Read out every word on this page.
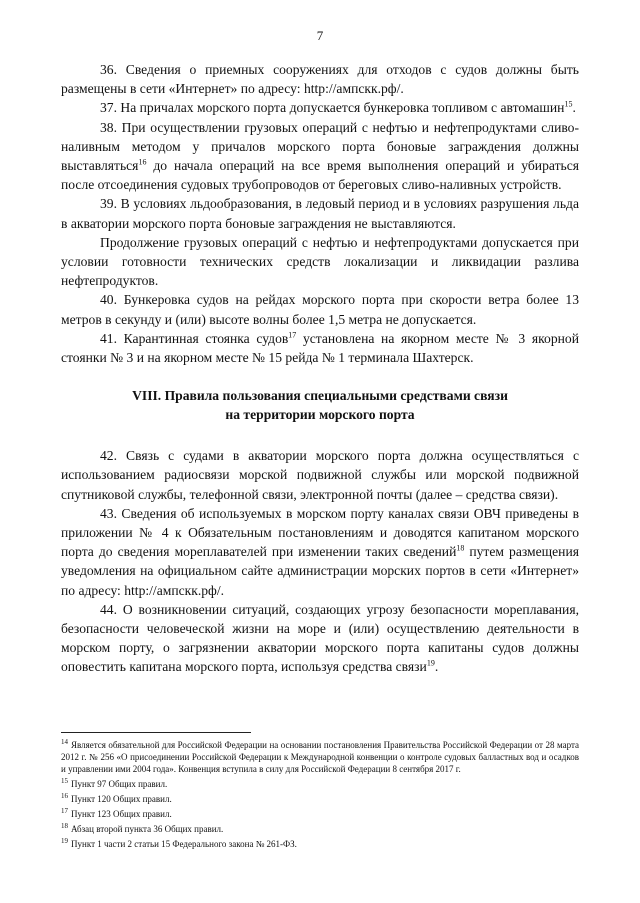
7

36. Сведения о приемных сооружениях для отходов с судов должны быть размещены в сети «Интернет» по адресу: http://ампскк.рф/.

37. На причалах морского порта допускается бункеровка топливом с автомашин$^{15}$.

38. При осуществлении грузовых операций с нефтью и нефтепродуктами сливо-наливным методом у причалов морского порта боновые заграждения должны выставляться$^{16}$ до начала операций на все время выполнения операций и убираться после отсоединения судовых трубопроводов от береговых сливо-наливных устройств.

39. В условиях льдообразования, в ледовый период и в условиях разрушения льда в акватории морского порта боновые заграждения не выставляются.

Продолжение грузовых операций с нефтью и нефтепродуктами допускается при условии готовности технических средств локализации и ликвидации разлива нефтепродуктов.

40. Бункеровка судов на рейдах морского порта при скорости ветра более 13 метров в секунду и (или) высоте волны более 1,5 метра не допускается.

41. Карантинная стоянка судов$^{17}$ установлена на якорном месте № 3 якорной стоянки № 3 и на якорном месте № 15 рейда № 1 терминала Шахтерск.

VIII. Правила пользования специальными средствами связи
на территории морского порта

42. Связь с судами в акватории морского порта должна осуществляться с использованием радиосвязи морской подвижной службы или морской подвижной спутниковой службы, телефонной связи, электронной почты (далее – средства связи).

43. Сведения об используемых в морском порту каналах связи ОВЧ приведены в приложении № 4 к Обязательным постановлениям и доводятся капитаном морского порта до сведения мореплавателей при изменении таких сведений$^{18}$ путем размещения уведомления на официальном сайте администрации морских портов в сети «Интернет» по адресу: http://ампскк.рф/.

44. О возникновении ситуаций, создающих угрозу безопасности мореплавания, безопасности человеческой жизни на море и (или) осуществлению деятельности в морском порту, о загрязнении акватории морского порта капитаны судов должны оповестить капитана морского порта, используя средства связи$^{19}$.

$^{14}$ Является обязательной для Российской Федерации на основании постановления Правительства Российской Федерации от 28 марта 2012 г. № 256 «О присоединении Российской Федерации к Международной конвенции о контроле судовых балластных вод и осадков и управлении ими 2004 года». Конвенция вступила в силу для Российской Федерации 8 сентября 2017 г.

$^{15}$ Пункт 97 Общих правил.

$^{16}$ Пункт 120 Общих правил.

$^{17}$ Пункт 123 Общих правил.

$^{18}$ Абзац второй пункта 36 Общих правил.

$^{19}$ Пункт 1 части 2 статьи 15 Федерального закона № 261-ФЗ.
